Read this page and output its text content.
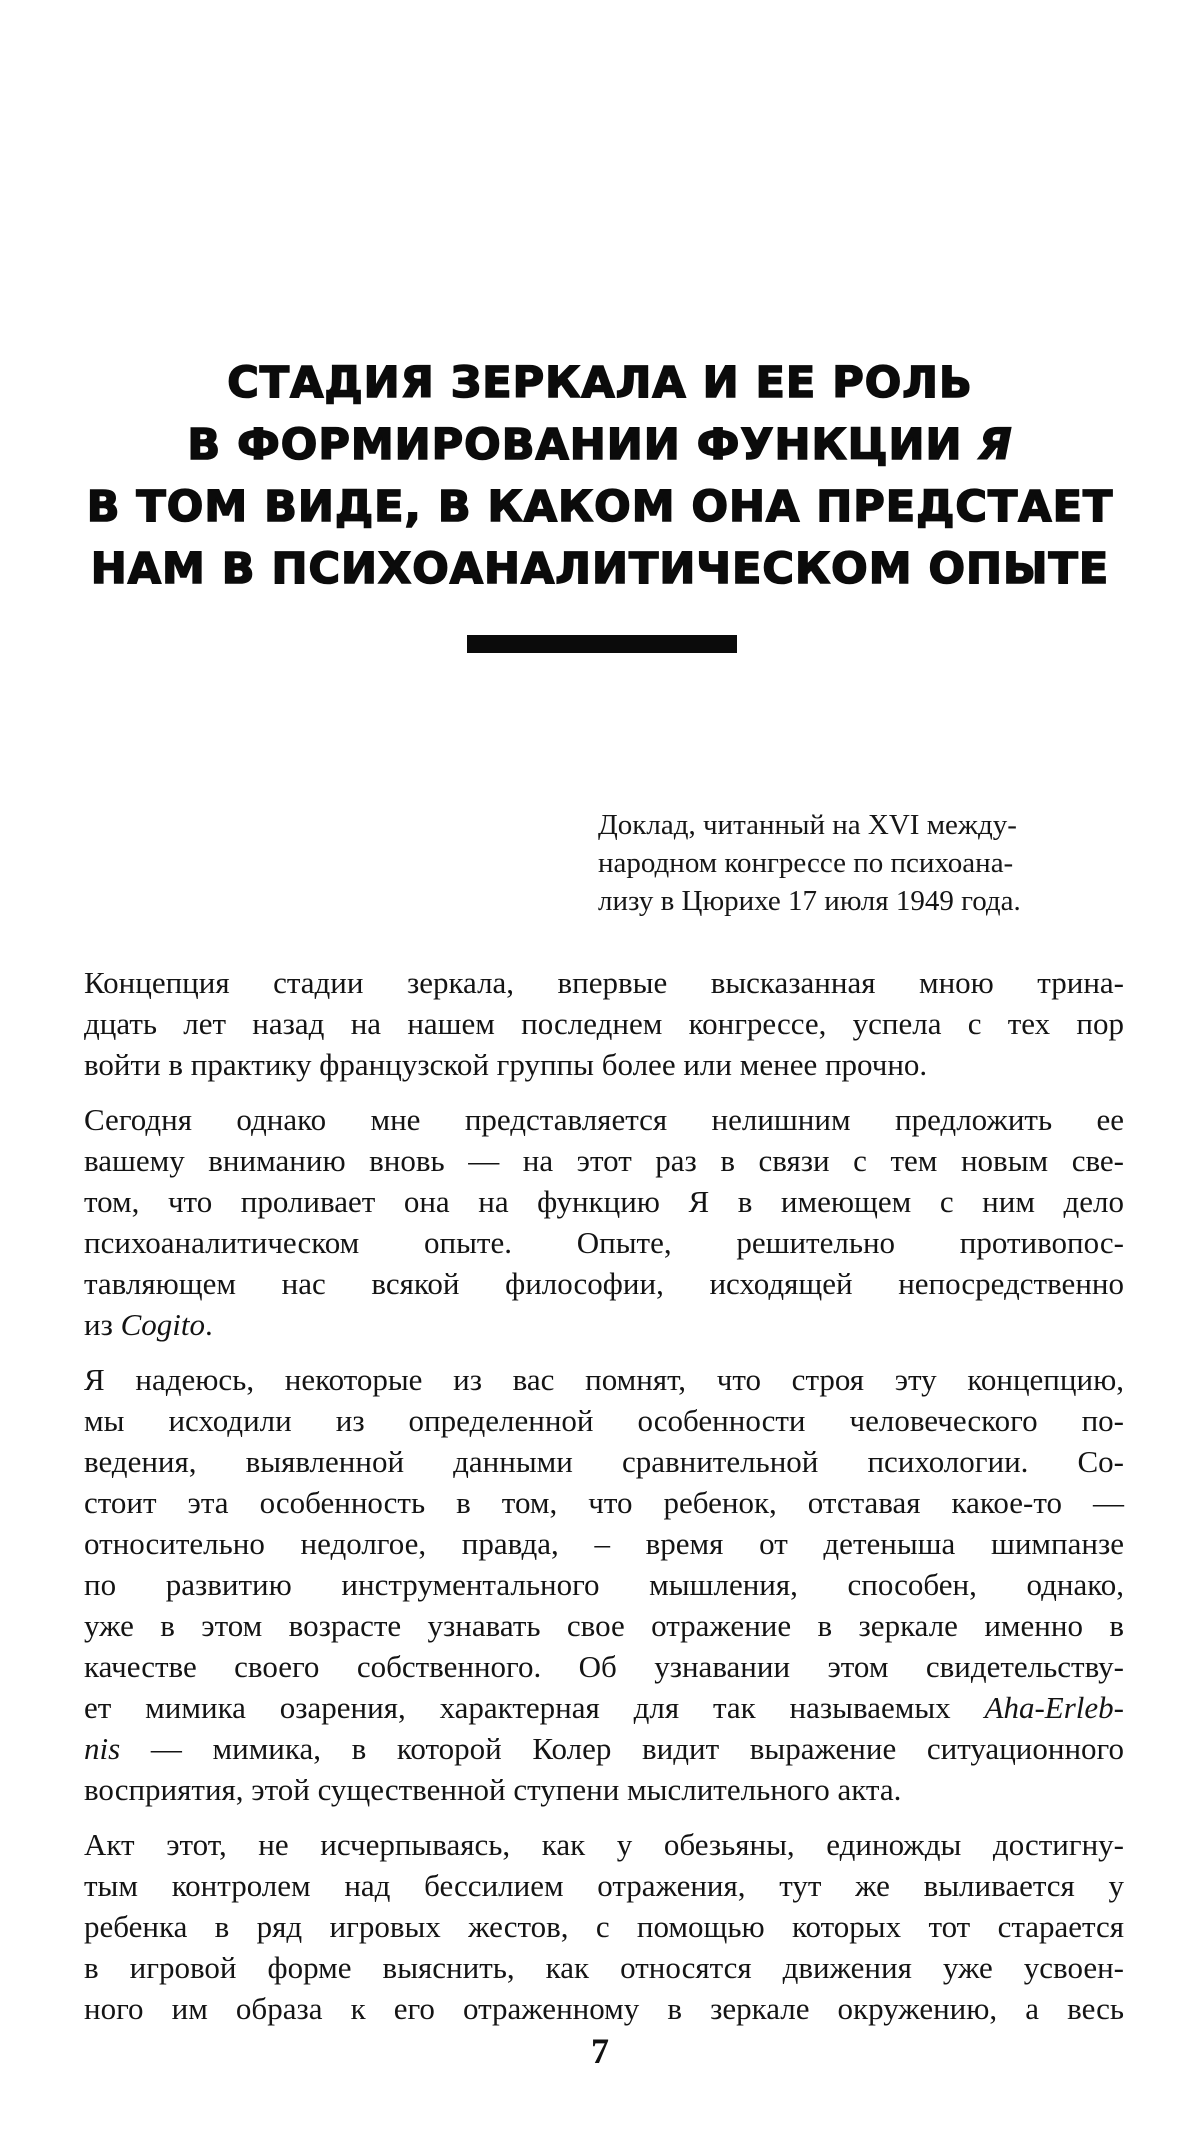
СТАДИЯ ЗЕРКАЛА И ЕЕ РОЛЬ
В ФОРМИРОВАНИИ ФУНКЦИИ Я
В ТОМ ВИДЕ, В КАКОМ ОНА ПРЕДСТАЕТ
НАМ В ПСИХОАНАЛИТИЧЕСКОМ ОПЫТЕ
Доклад, читанный на XVI между-
народном конгрессе по психоана-
лизу в Цюрихе 17 июля 1949 года.
Концепция стадии зеркала, впервые высказанная мною трина-
дцать лет назад на нашем последнем конгрессе, успела с тех пор
войти в практику французской группы более или менее прочно.
Сегодня однако мне представляется нелишним предложить ее
вашему вниманию вновь — на этот раз в связи с тем новым све-
том, что проливает она на функцию Я в имеющем с ним дело
психоаналитическом опыте. Опыте, решительно противопос-
тавляющем нас всякой философии, исходящей непосредственно
из Cogito.
Я надеюсь, некоторые из вас помнят, что строя эту концепцию,
мы исходили из определенной особенности человеческого по-
ведения, выявленной данными сравнительной психологии. Со-
стоит эта особенность в том, что ребенок, отставая какое-то —
относительно недолгое, правда, – время от детеныша шимпанзе
по развитию инструментального мышления, способен, однако,
уже в этом возрасте узнавать свое отражение в зеркале именно в
качестве своего собственного. Об узнавании этом свидетельству-
ет мимика озарения, характерная для так называемых Aha-Erleb-
nis — мимика, в которой Колер видит выражение ситуационного
восприятия, этой существенной ступени мыслительного акта.
Акт этот, не исчерпываясь, как у обезьяны, единожды достигну-
тым контролем над бессилием отражения, тут же выливается у
ребенка в ряд игровых жестов, с помощью которых тот старается
в игровой форме выяснить, как относятся движения уже усвоен-
ного им образа к его отраженному в зеркале окружению, а весь
7
